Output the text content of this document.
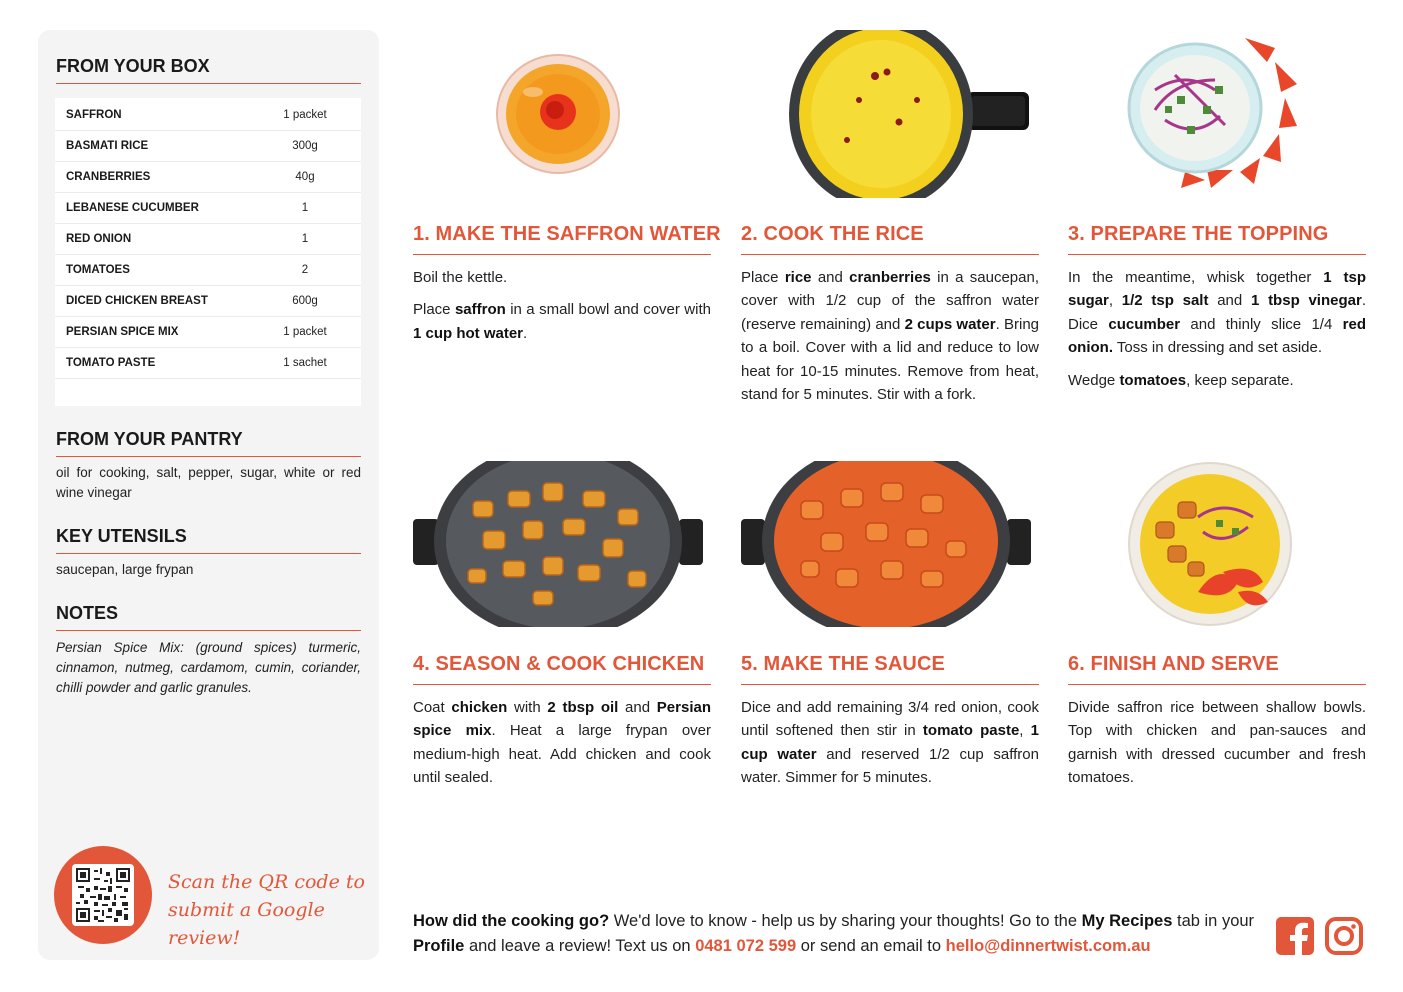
FROM YOUR BOX
SAFFRON	1 packet
BASMATI RICE	300g
CRANBERRIES	40g
LEBANESE CUCUMBER	1
RED ONION	1
TOMATOES	2
DICED CHICKEN BREAST	600g
PERSIAN SPICE MIX	1 packet
TOMATO PASTE	1 sachet
FROM YOUR PANTRY
oil for cooking, salt, pepper, sugar, white or red wine vinegar
KEY UTENSILS
saucepan, large frypan
NOTES
Persian Spice Mix: (ground spices) turmeric, cinnamon, nutmeg, cardamom, cumin, coriander, chilli powder and garlic granules.
Scan the QR code to
submit a Google review!
1. MAKE THE SAFFRON WATER

Boil the kettle.

Place saffron in a small bowl and cover with 1 cup hot water.

2. COOK THE RICE

Place rice and cranberries in a saucepan, cover with 1/2 cup of the saffron water (reserve remaining) and 2 cups water. Bring to a boil. Cover with a lid and reduce to low heat for 10-15 minutes. Remove from heat, stand for 5 minutes. Stir with a fork.

3. PREPARE THE TOPPING

In the meantime, whisk together 1 tsp sugar, 1/2 tsp salt and 1 tbsp vinegar. Dice cucumber and thinly slice 1/4 red onion. Toss in dressing and set aside.

Wedge tomatoes, keep separate.

4. SEASON & COOK CHICKEN

Coat chicken with 2 tbsp oil and Persian spice mix. Heat a large frypan over medium-high heat. Add chicken and cook until sealed.

5. MAKE THE SAUCE

Dice and add remaining 3/4 red onion, cook until softened then stir in tomato paste, 1 cup water and reserved 1/2 cup saffron water. Simmer for 5 minutes.

6. FINISH AND SERVE

Divide saffron rice between shallow bowls. Top with chicken and pan-sauces and garnish with dressed cucumber and fresh tomatoes.

How did the cooking go? We'd love to know - help us by sharing your thoughts! Go to the My Recipes tab in your Profile and leave a review! Text us on 0481 072 599 or send an email to hello@dinnertwist.com.au
